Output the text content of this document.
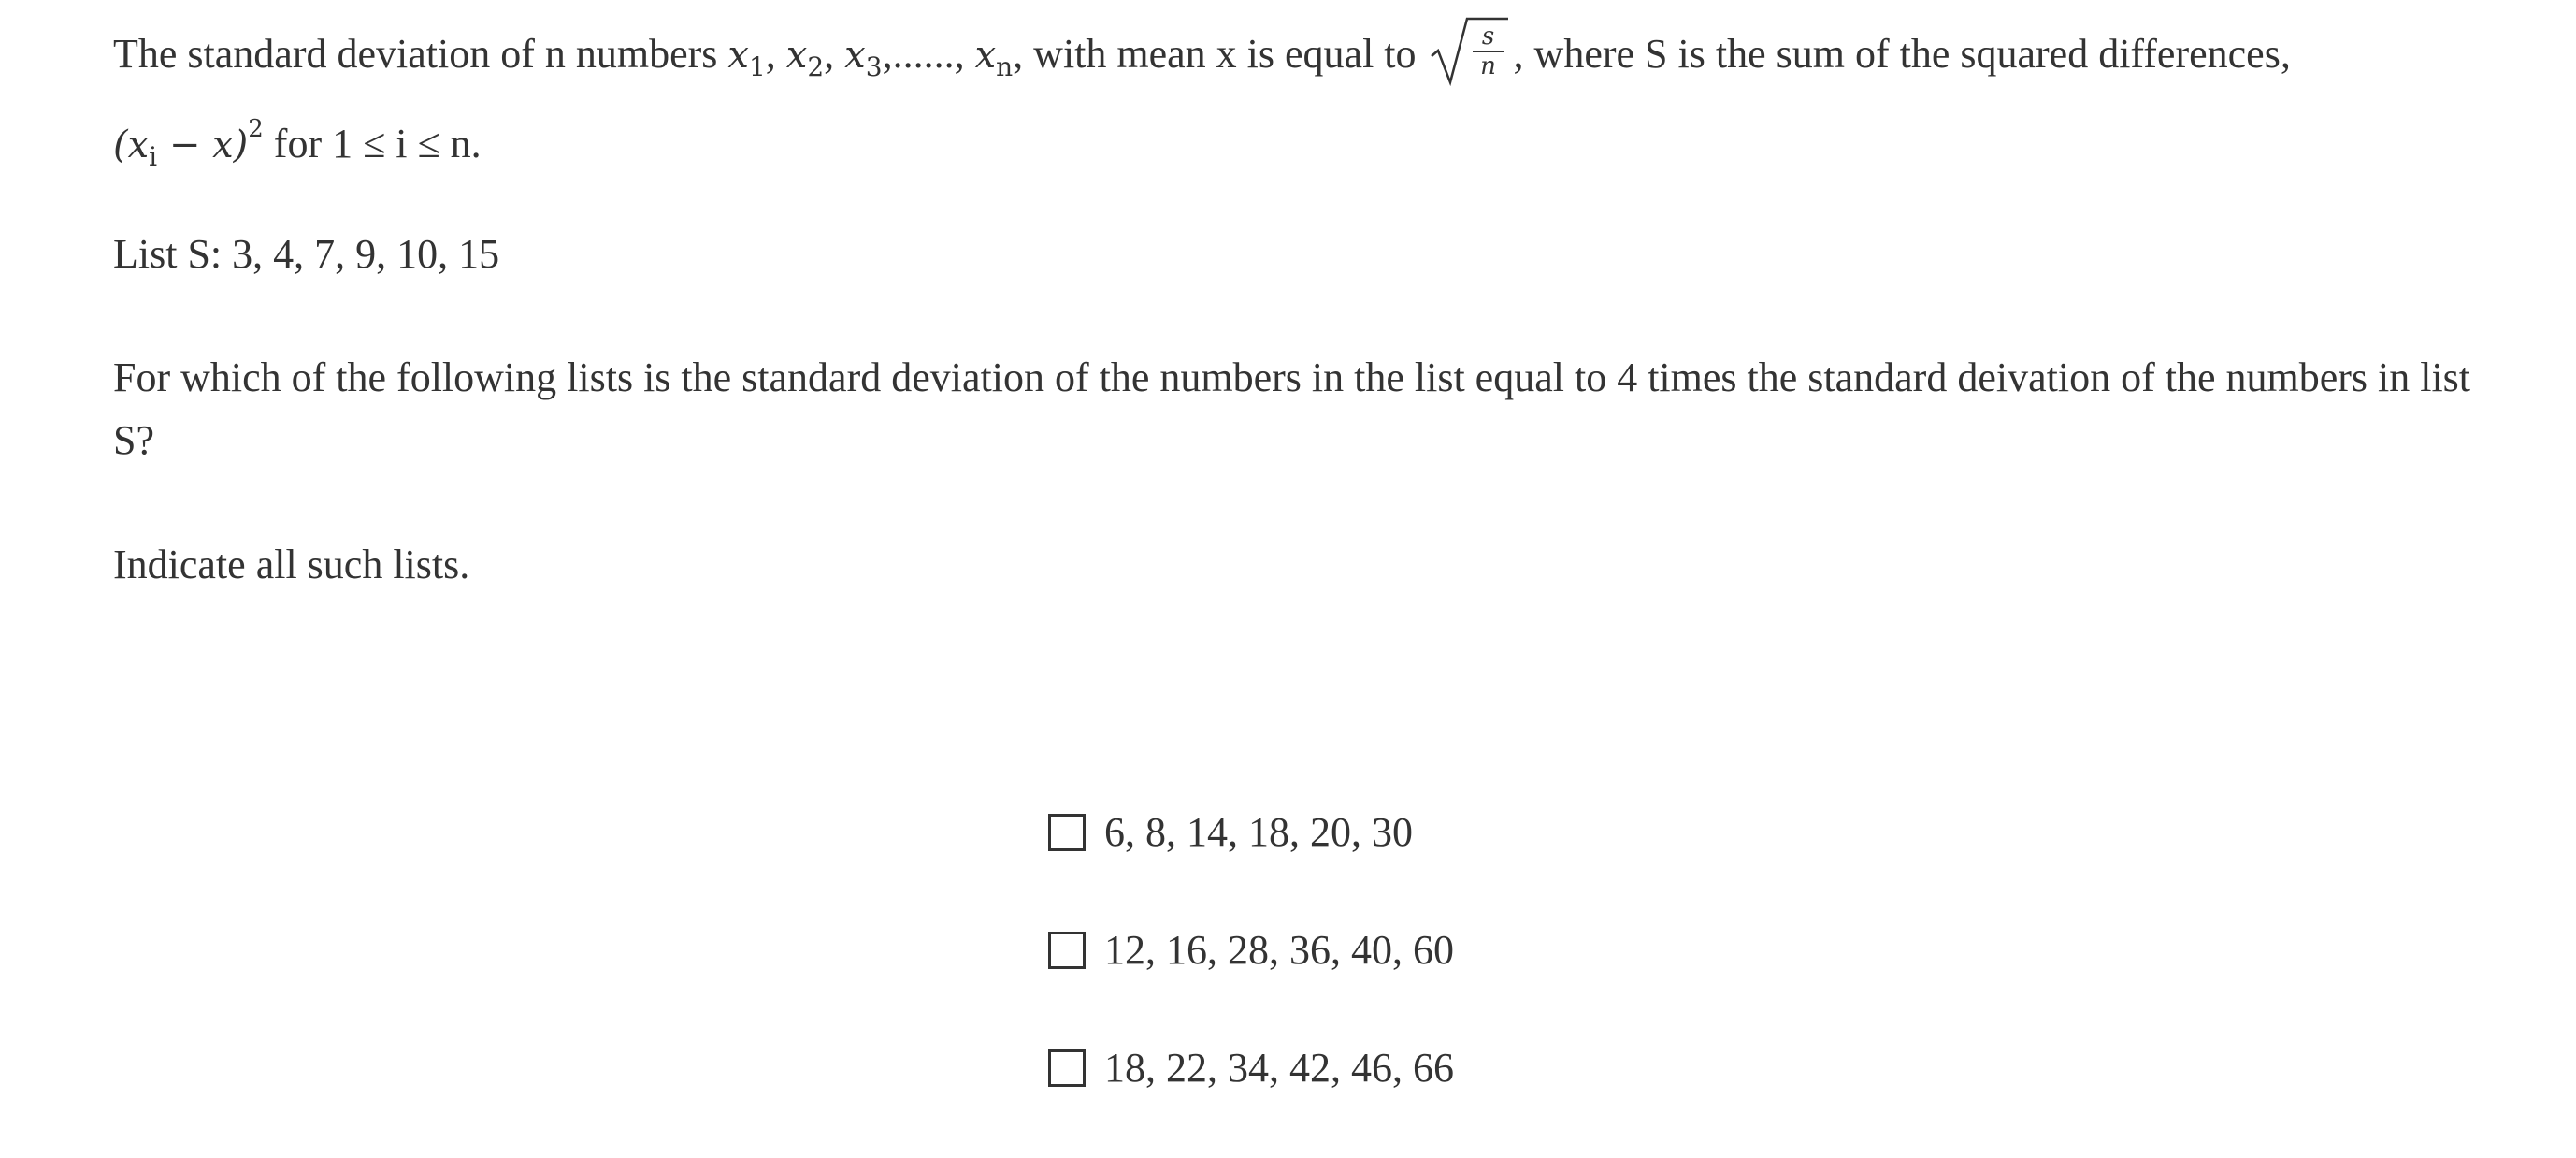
The standard deviation of n numbers $x_1$, $x_2$, $x_3$,......, $x_n$, with mean x is equal to $\frac{s}{n}$ , where S is the sum of the squared differences,
$(x_i - x)^2$ for 1 ≤ i ≤ n.

List S: 3, 4, 7, 9, 10, 15

For which of the following lists is the standard deviation of the numbers in the list equal to 4 times the standard deivation of the numbers in list S?

Indicate all such lists.

6, 8, 14, 18, 20, 30
12, 16, 28, 36, 40, 60
18, 22, 34, 42, 46, 66
